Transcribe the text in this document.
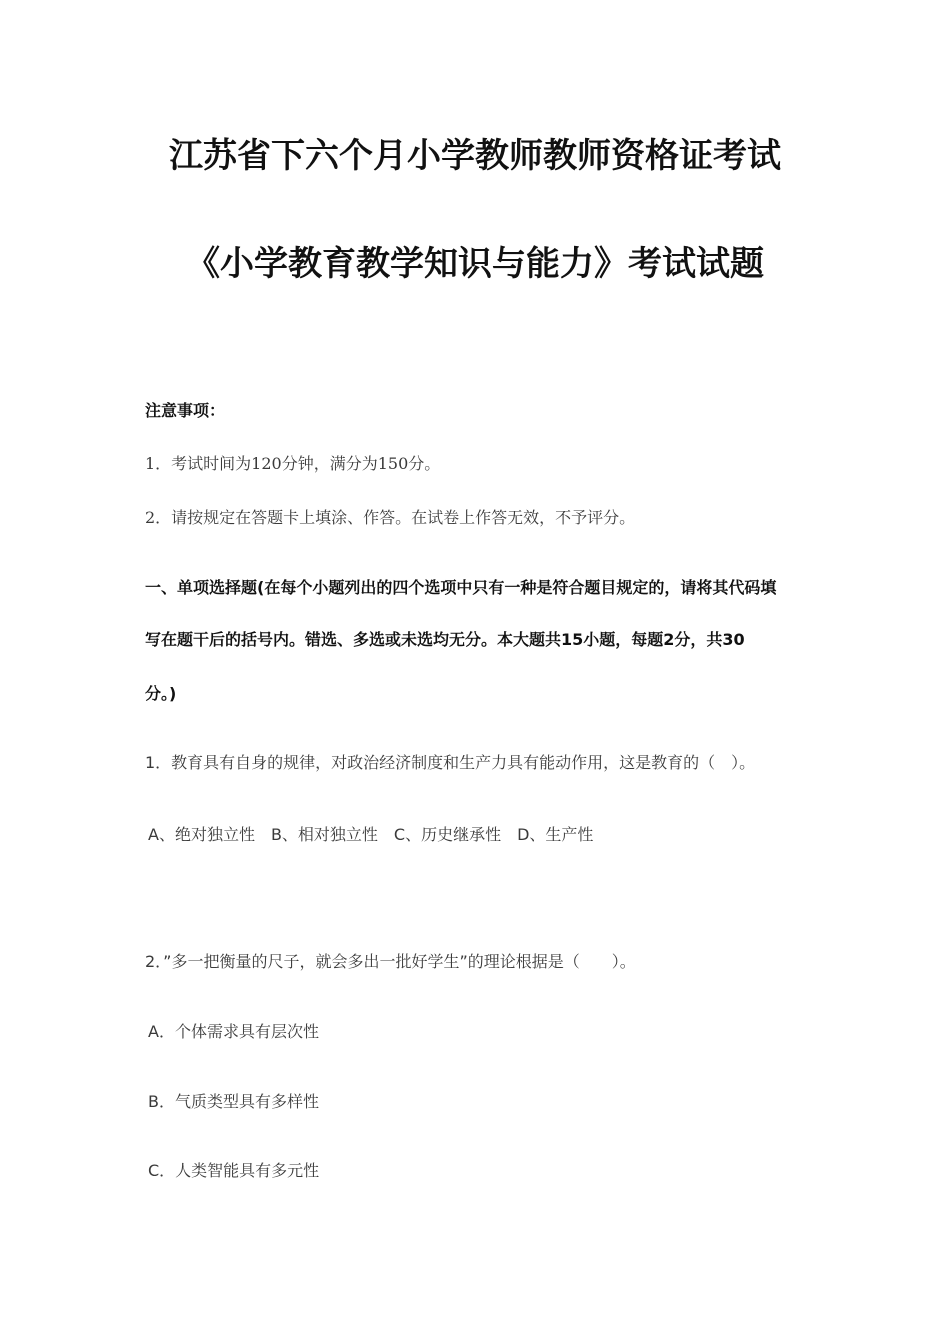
江苏省下六个月小学教师教师资格证考试
《小学教育教学知识与能力》考试试题
注意事项：
1．考试时间为120分钟，满分为150分。
2．请按规定在答题卡上填涂、作答。在试卷上作答无效，不予评分。
一、单项选择题(在每个小题列出的四个选项中只有一种是符合题目规定的，请将其代码填
写在题干后的括号内。错选、多选或未选均无分。本大题共15小题，每题2分，共30
分。)
1．教育具有自身的规律，对政治经济制度和生产力具有能动作用，这是教育的（　）。
A、绝对独立性　B、相对独立性　C、历史继承性　D、生产性
2．”多一把衡量的尺子，就会多出一批好学生”的理论根据是（　　）。
A．个体需求具有层次性
B．气质类型具有多样性
C．人类智能具有多元性
